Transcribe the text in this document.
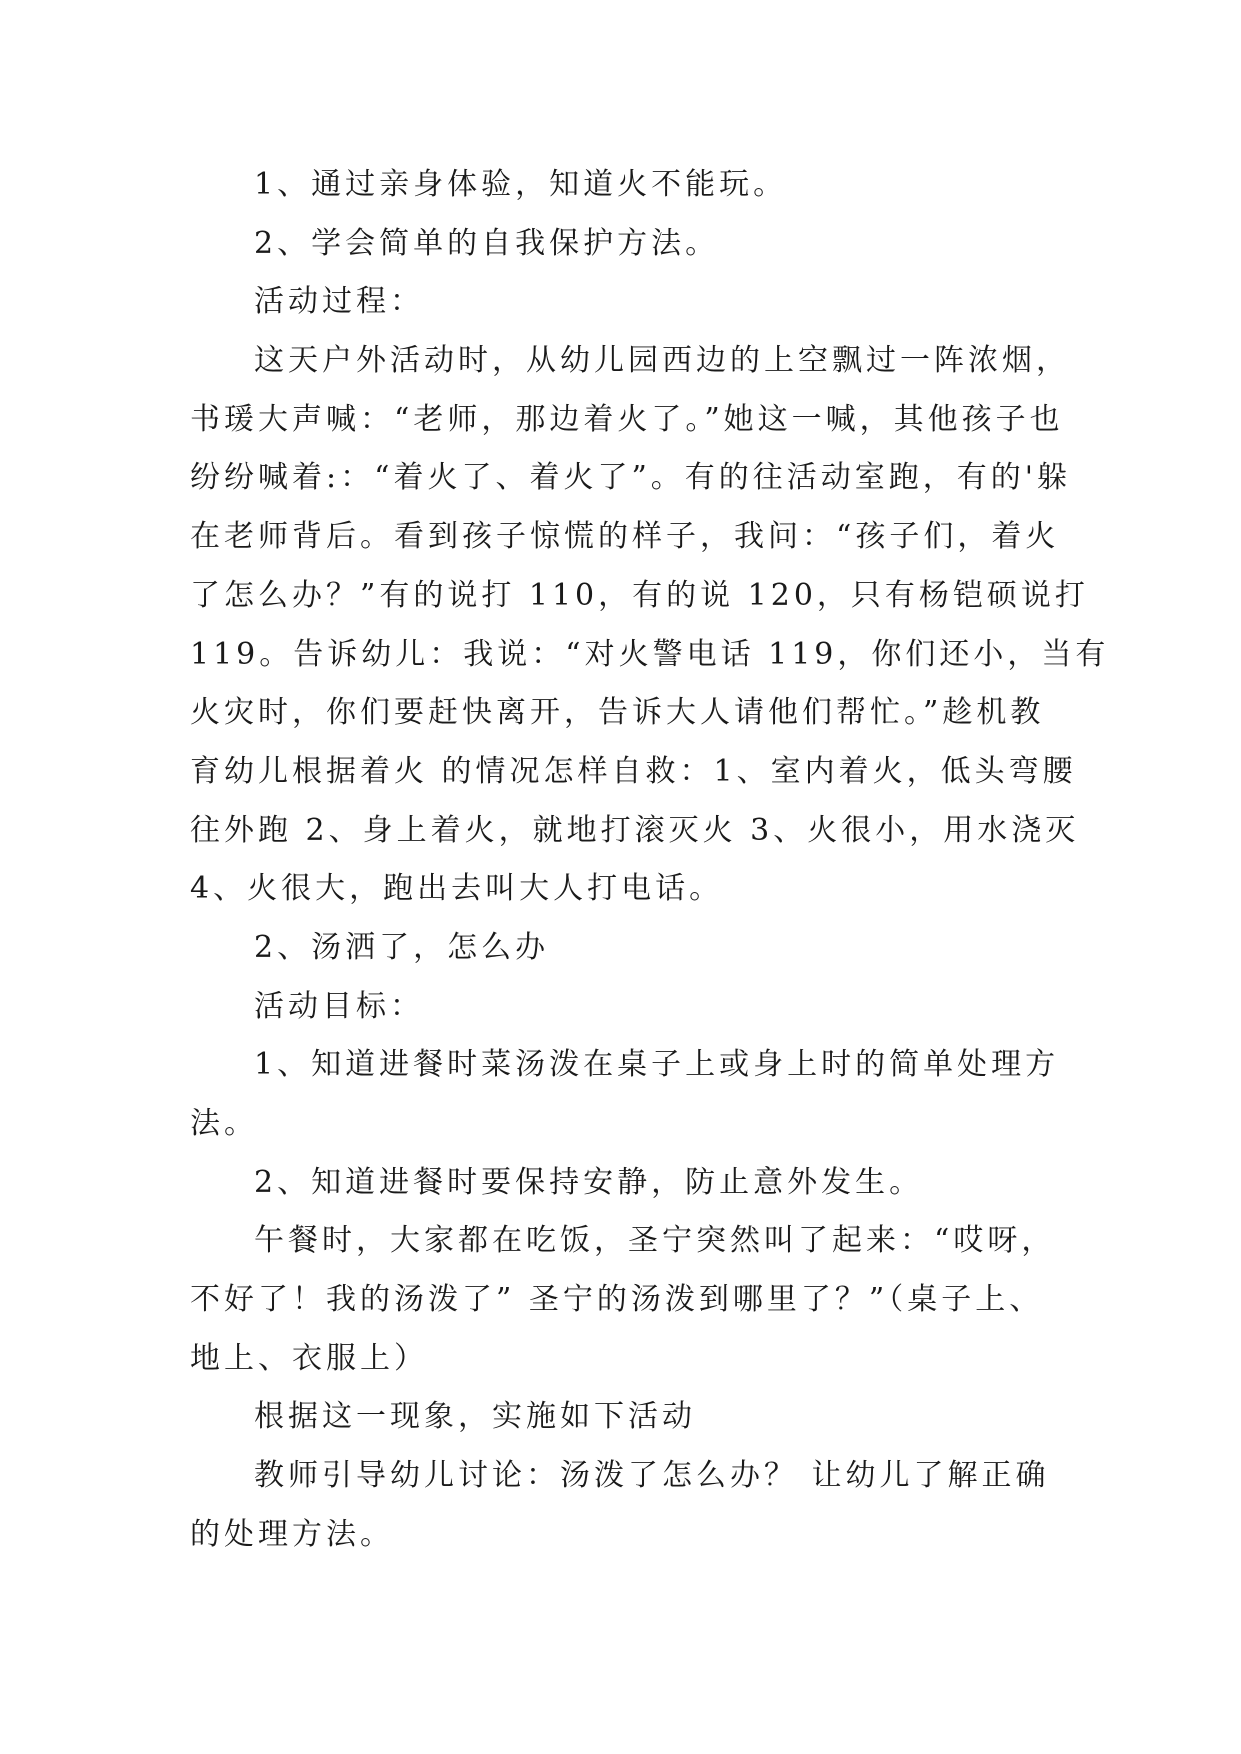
1、通过亲身体验，知道火不能玩。
2、学会简单的自我保护方法。
活动过程：
这天户外活动时，从幼儿园西边的上空飘过一阵浓烟，
书瑗大声喊：“老师，那边着火了。”她这一喊，其他孩子也
纷纷喊着:：“着火了、着火了”。有的往活动室跑，有的'躲
在老师背后。看到孩子惊慌的样子，我问：“孩子们，着火
了怎么办？”有的说打 110，有的说 120，只有杨铠硕说打
119。告诉幼儿：我说：“对火警电话 119，你们还小，当有
火灾时，你们要赶快离开，告诉大人请他们帮忙。”趁机教
育幼儿根据着火 的情况怎样自救：1、室内着火，低头弯腰
往外跑 2、身上着火，就地打滚灭火 3、火很小，用水浇灭
4、火很大，跑出去叫大人打电话。
2、汤洒了，怎么办
活动目标：
1、知道进餐时菜汤泼在桌子上或身上时的简单处理方
法。
2、知道进餐时要保持安静，防止意外发生。
午餐时，大家都在吃饭，圣宁突然叫了起来：“哎呀，
不好了！我的汤泼了” 圣宁的汤泼到哪里了？”（桌子上、
地上、衣服上）
根据这一现象，实施如下活动
教师引导幼儿讨论：汤泼了怎么办？ 让幼儿了解正确
的处理方法。
